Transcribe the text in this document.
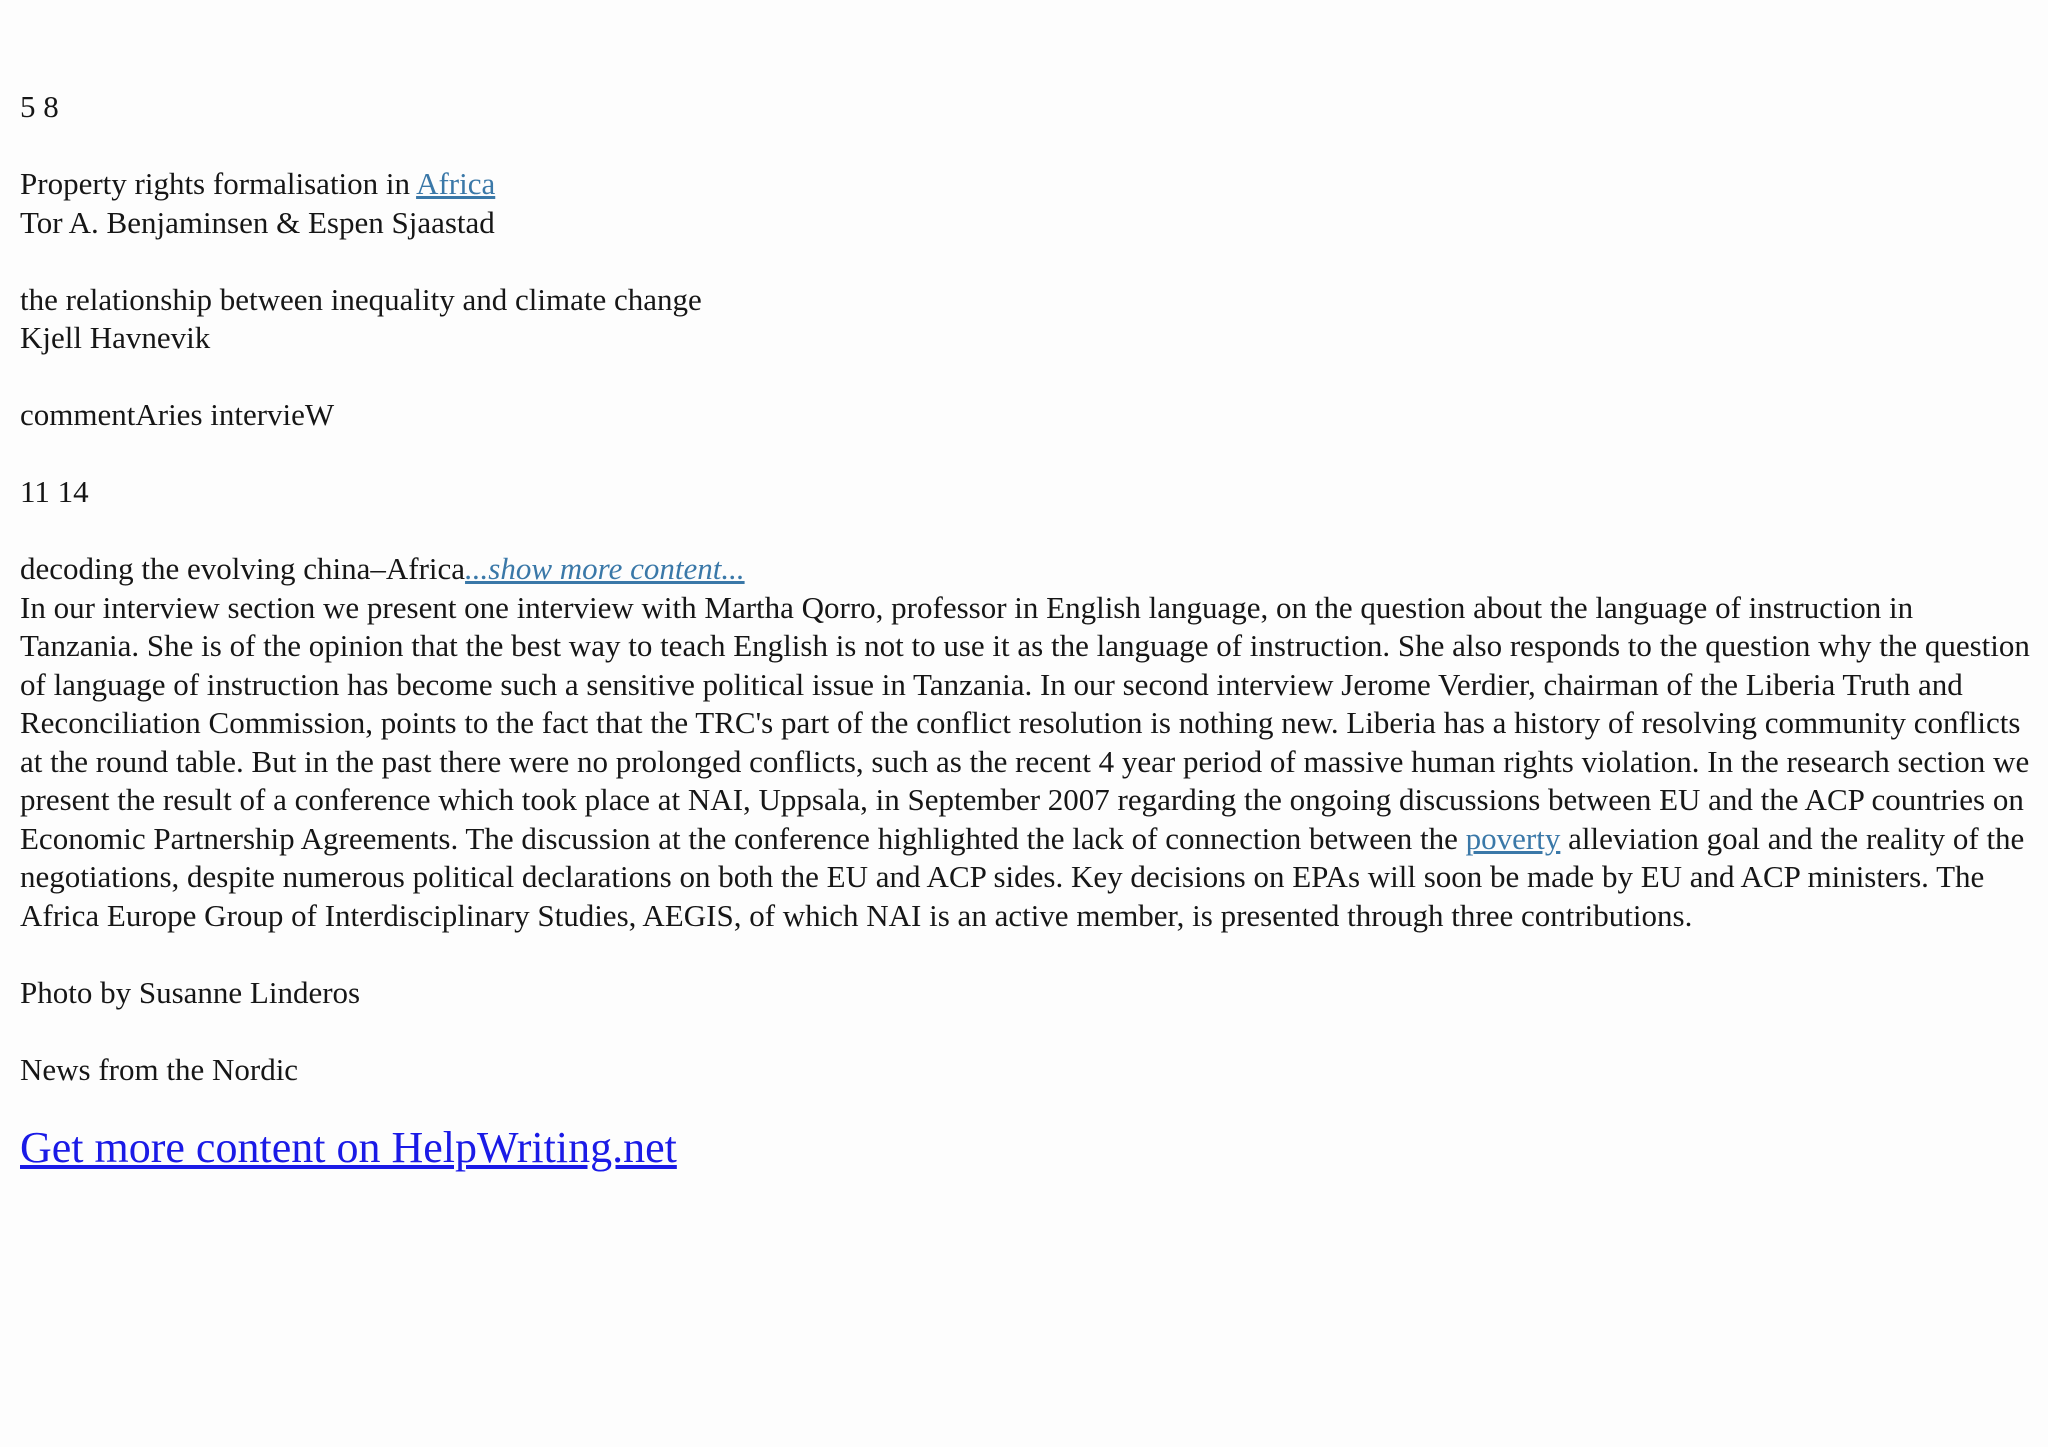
5 8
Property rights formalisation in Africa
Tor A. Benjaminsen & Espen Sjaastad
the relationship between inequality and climate change
Kjell Havnevik
commentAries intervieW
11 14
decoding the evolving china–Africa...show more content...
In our interview section we present one interview with Martha Qorro, professor in English language, on the question about the language of instruction in Tanzania. She is of the opinion that the best way to teach English is not to use it as the language of instruction. She also responds to the question why the question of language of instruction has become such a sensitive political issue in Tanzania. In our second interview Jerome Verdier, chairman of the Liberia Truth and Reconciliation Commission, points to the fact that the TRC's part of the conflict resolution is nothing new. Liberia has a history of resolving community conflicts at the round table. But in the past there were no prolonged conflicts, such as the recent 4 year period of massive human rights violation. In the research section we present the result of a conference which took place at NAI, Uppsala, in September 2007 regarding the ongoing discussions between EU and the ACP countries on Economic Partnership Agreements. The discussion at the conference highlighted the lack of connection between the poverty alleviation goal and the reality of the negotiations, despite numerous political declarations on both the EU and ACP sides. Key decisions on EPAs will soon be made by EU and ACP ministers. The Africa Europe Group of Interdisciplinary Studies, AEGIS, of which NAI is an active member, is presented through three contributions.
Photo by Susanne Linderos
News from the Nordic
Get more content on HelpWriting.net
